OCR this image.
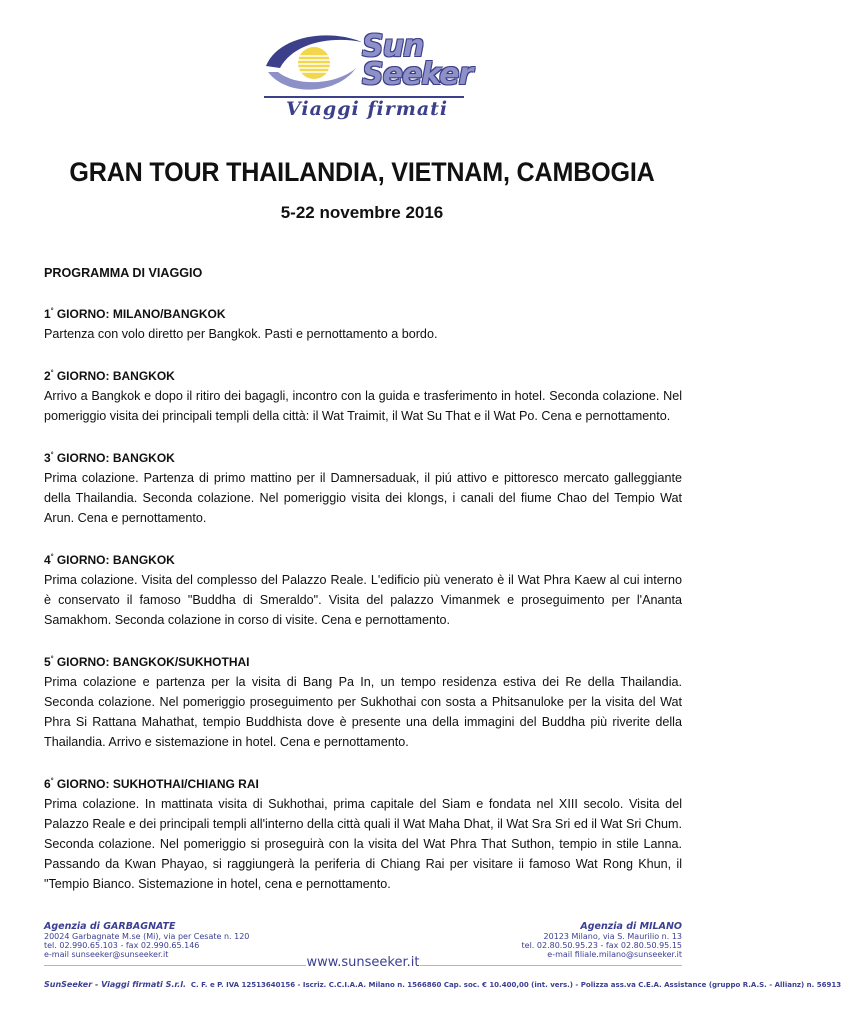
Sun
Seeker
Viaggi firmati
GRAN TOUR THAILANDIA, VIETNAM, CAMBOGIA
5-22 novembre 2016
PROGRAMMA DI VIAGGIO
1° GIORNO: MILANO/BANGKOK
Partenza con volo diretto per Bangkok. Pasti e pernottamento a bordo.
2° GIORNO: BANGKOK
Arrivo a Bangkok e dopo il ritiro dei bagagli, incontro con la guida e trasferimento in hotel. Seconda colazione. Nel pomeriggio visita dei principali templi della città: il Wat Traimit, il Wat Su That e il Wat Po. Cena e pernottamento.
3° GIORNO: BANGKOK
Prima colazione. Partenza di primo mattino per il Damnersaduak, il piú attivo e pittoresco mercato galleggiante della Thailandia. Seconda colazione. Nel pomeriggio visita dei klongs, i canali del fiume Chao del Tempio Wat Arun. Cena e pernottamento.
4° GIORNO: BANGKOK
Prima colazione. Visita del complesso del Palazzo Reale. L'edificio più venerato è il Wat Phra Kaew al cui interno è conservato il famoso "Buddha di Smeraldo". Visita del palazzo Vimanmek e proseguimento per l'Ananta Samakhom. Seconda colazione in corso di visite. Cena e pernottamento.
5° GIORNO: BANGKOK/SUKHOTHAI
Prima colazione e partenza per la visita di Bang Pa In, un tempo residenza estiva dei Re della Thailandia. Seconda colazione. Nel pomeriggio proseguimento per Sukhothai con sosta a Phitsanuloke per la visita del Wat Phra Si Rattana Mahathat, tempio Buddhista dove è presente una della immagini del Buddha più riverite della Thailandia. Arrivo e sistemazione in hotel. Cena e pernottamento.
6° GIORNO: SUKHOTHAI/CHIANG RAI
Prima colazione. In mattinata visita di Sukhothai, prima capitale del Siam e fondata nel XIII secolo. Visita del Palazzo Reale e dei principali templi all'interno della città quali il Wat Maha Dhat, il Wat Sra Sri ed il Wat Sri Chum. Seconda colazione. Nel pomeriggio si proseguirà con la visita del Wat Phra That Suthon, tempio in stile Lanna. Passando da Kwan Phayao, si raggiungerà la periferia di Chiang Rai per visitare ii famoso Wat Rong Khun, il "Tempio Bianco. Sistemazione in hotel, cena e pernottamento.
Agenzia di GARBAGNATE
20024 Garbagnate M.se (Mi), via per Cesate n. 120
tel. 02.990.65.103 - fax 02.990.65.146
e-mail sunseeker@sunseeker.it
Agenzia di MILANO
20123 Milano, via S. Maurilio n. 13
tel. 02.80.50.95.23 - fax 02.80.50.95.15
e-mail filiale.milano@sunseeker.it
www.sunseeker.it
SunSeeker - Viaggi firmati S.r.l. C. F. e P. IVA 12513640156 - Iscriz. C.C.I.A.A. Milano n. 1566860 Cap. soc. € 10.400,00 (int. vers.) - Polizza ass.va C.E.A. Assistance (gruppo R.A.S. - Allianz) n. 56913
